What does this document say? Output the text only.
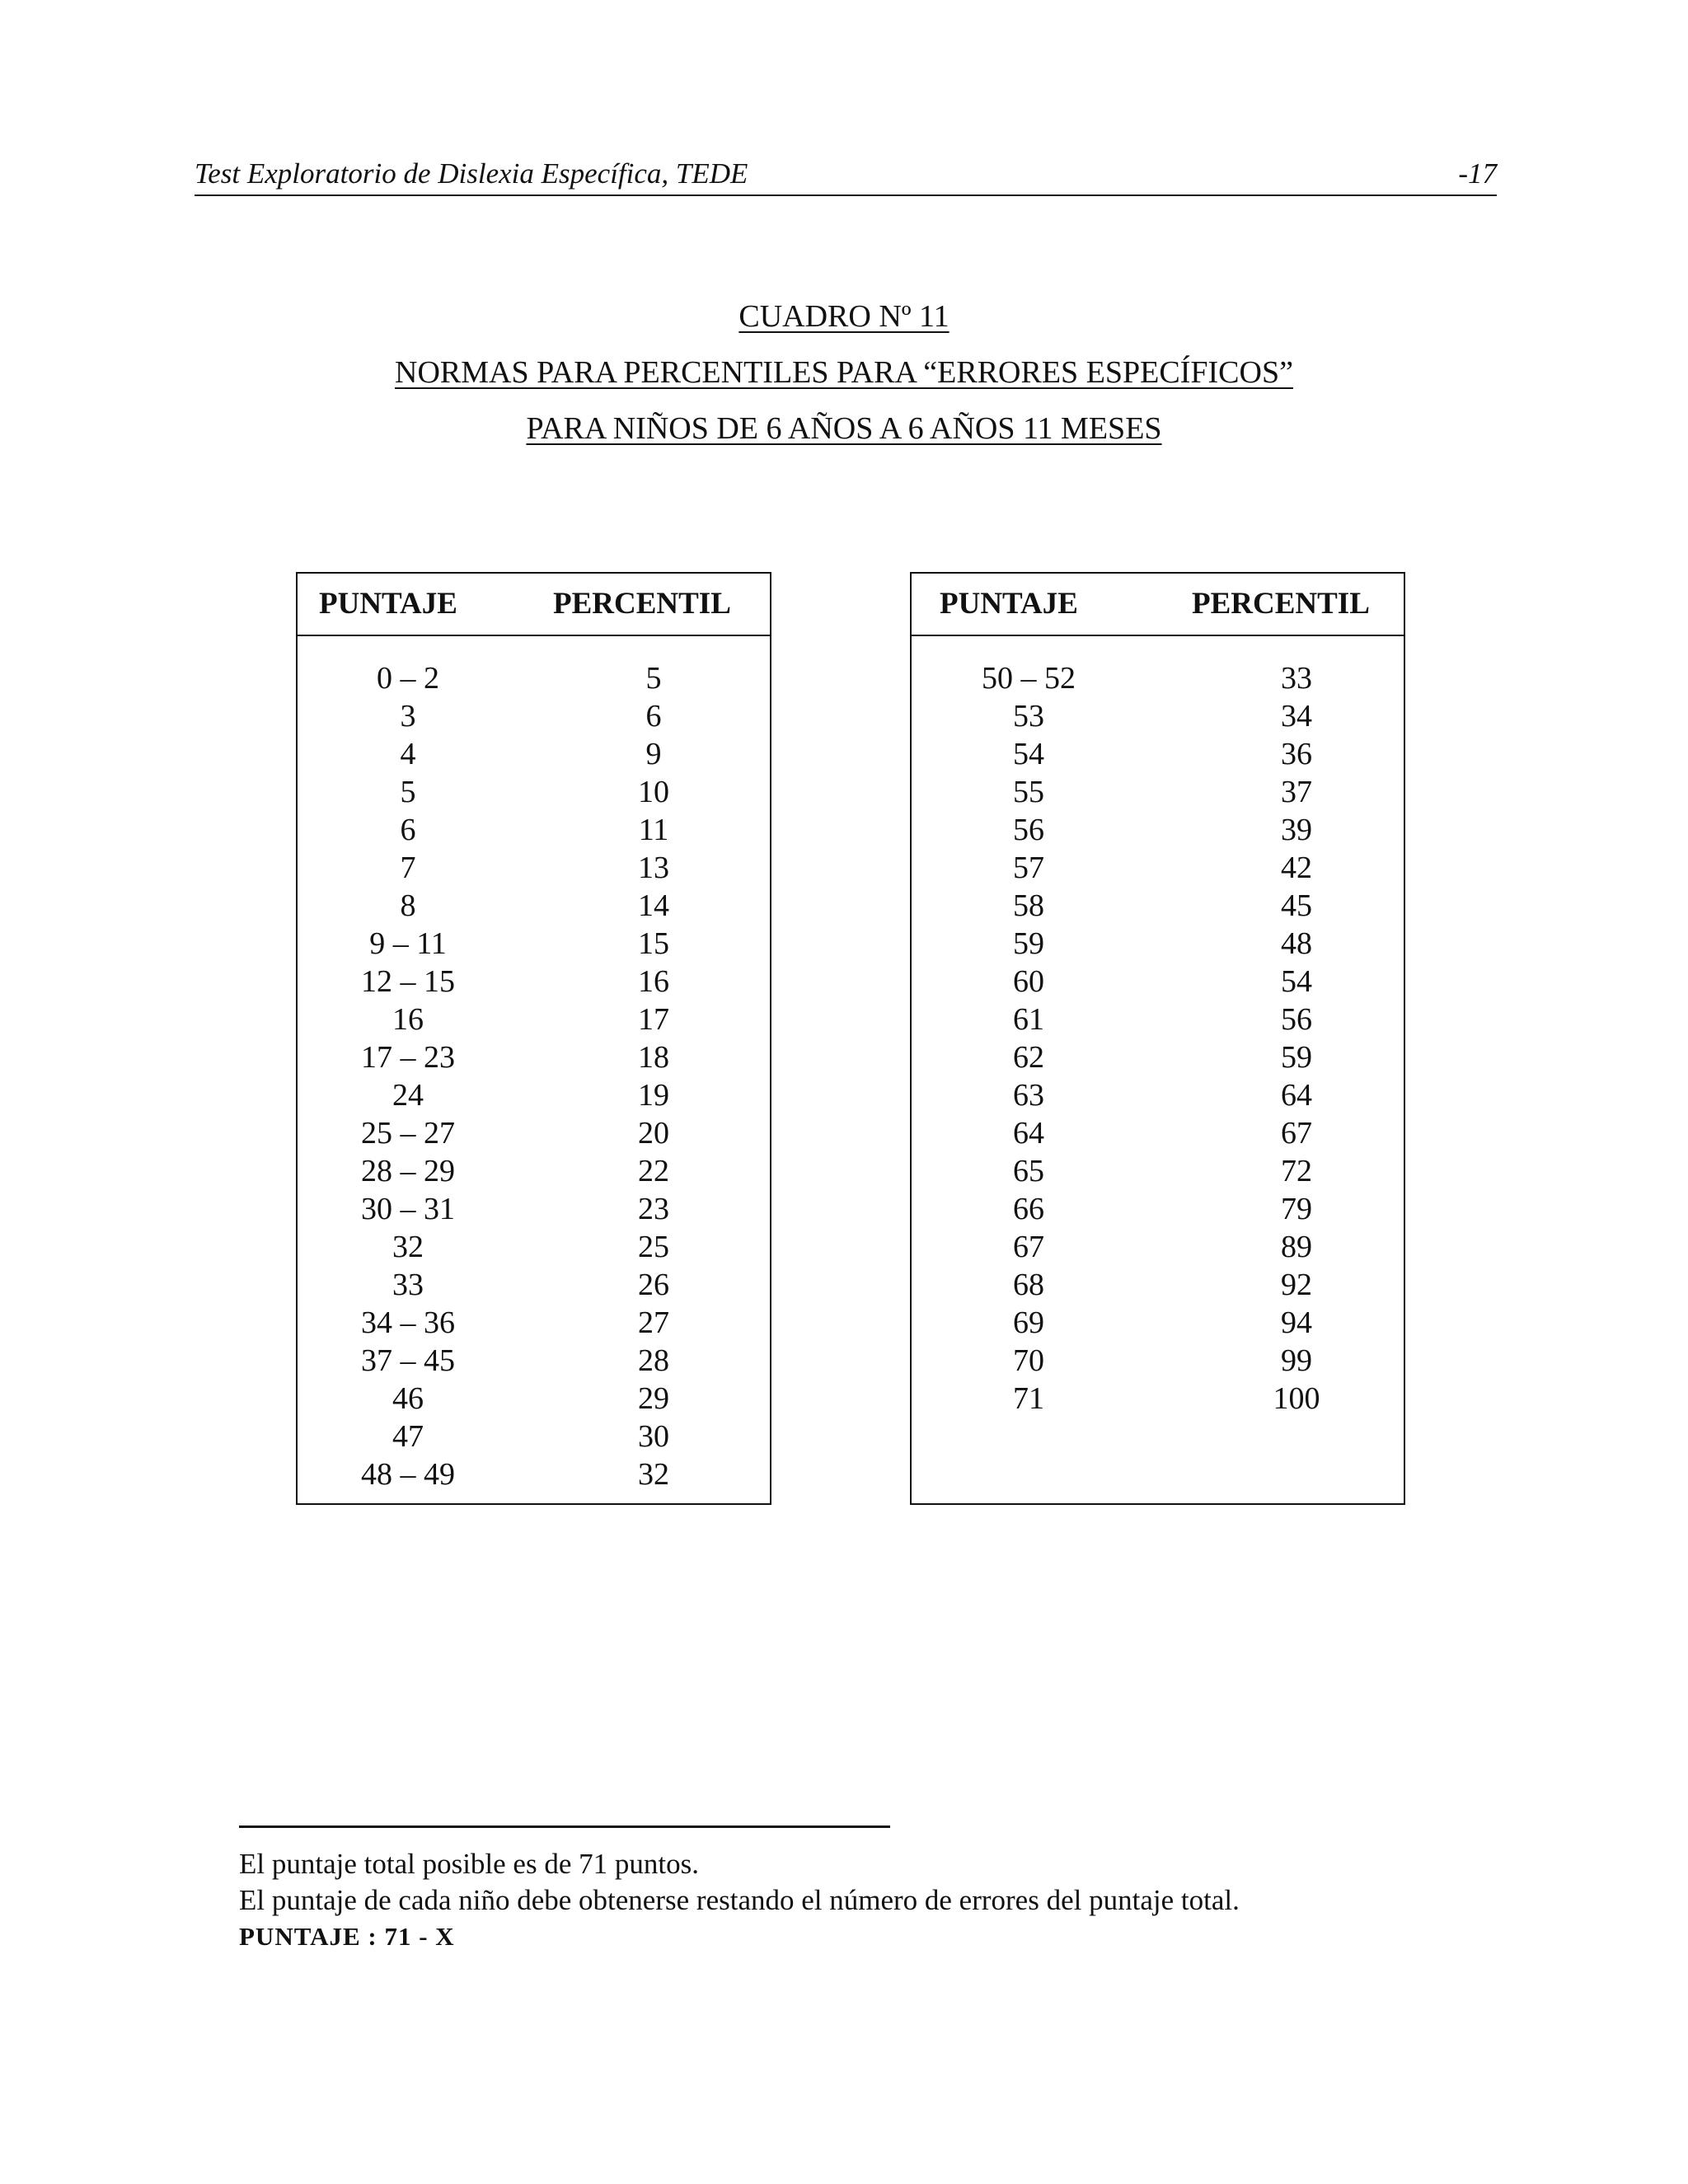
Test Exploratorio de Dislexia Específica, TEDE	-17
CUADRO Nº 11
NORMAS PARA PERCENTILES PARA “ERRORES ESPECÍFICOS”
PARA NIÑOS DE 6 AÑOS A 6 AÑOS 11 MESES
PUNTAJE	PERCENTIL
0 – 2	5
3	6
4	9
5	10
6	11
7	13
8	14
9 – 11	15
12 – 15	16
16	17
17 – 23	18
24	19
25 – 27	20
28 – 29	22
30 – 31	23
32	25
33	26
34 – 36	27
37 – 45	28
46	29
47	30
48 – 49	32
PUNTAJE	PERCENTIL
50 – 52	33
53	34
54	36
55	37
56	39
57	42
58	45
59	48
60	54
61	56
62	59
63	64
64	67
65	72
66	79
67	89
68	92
69	94
70	99
71	100
El puntaje total posible es de 71 puntos.
El puntaje de cada niño debe obtenerse restando el número de errores del puntaje total.
PUNTAJE : 71 - X
